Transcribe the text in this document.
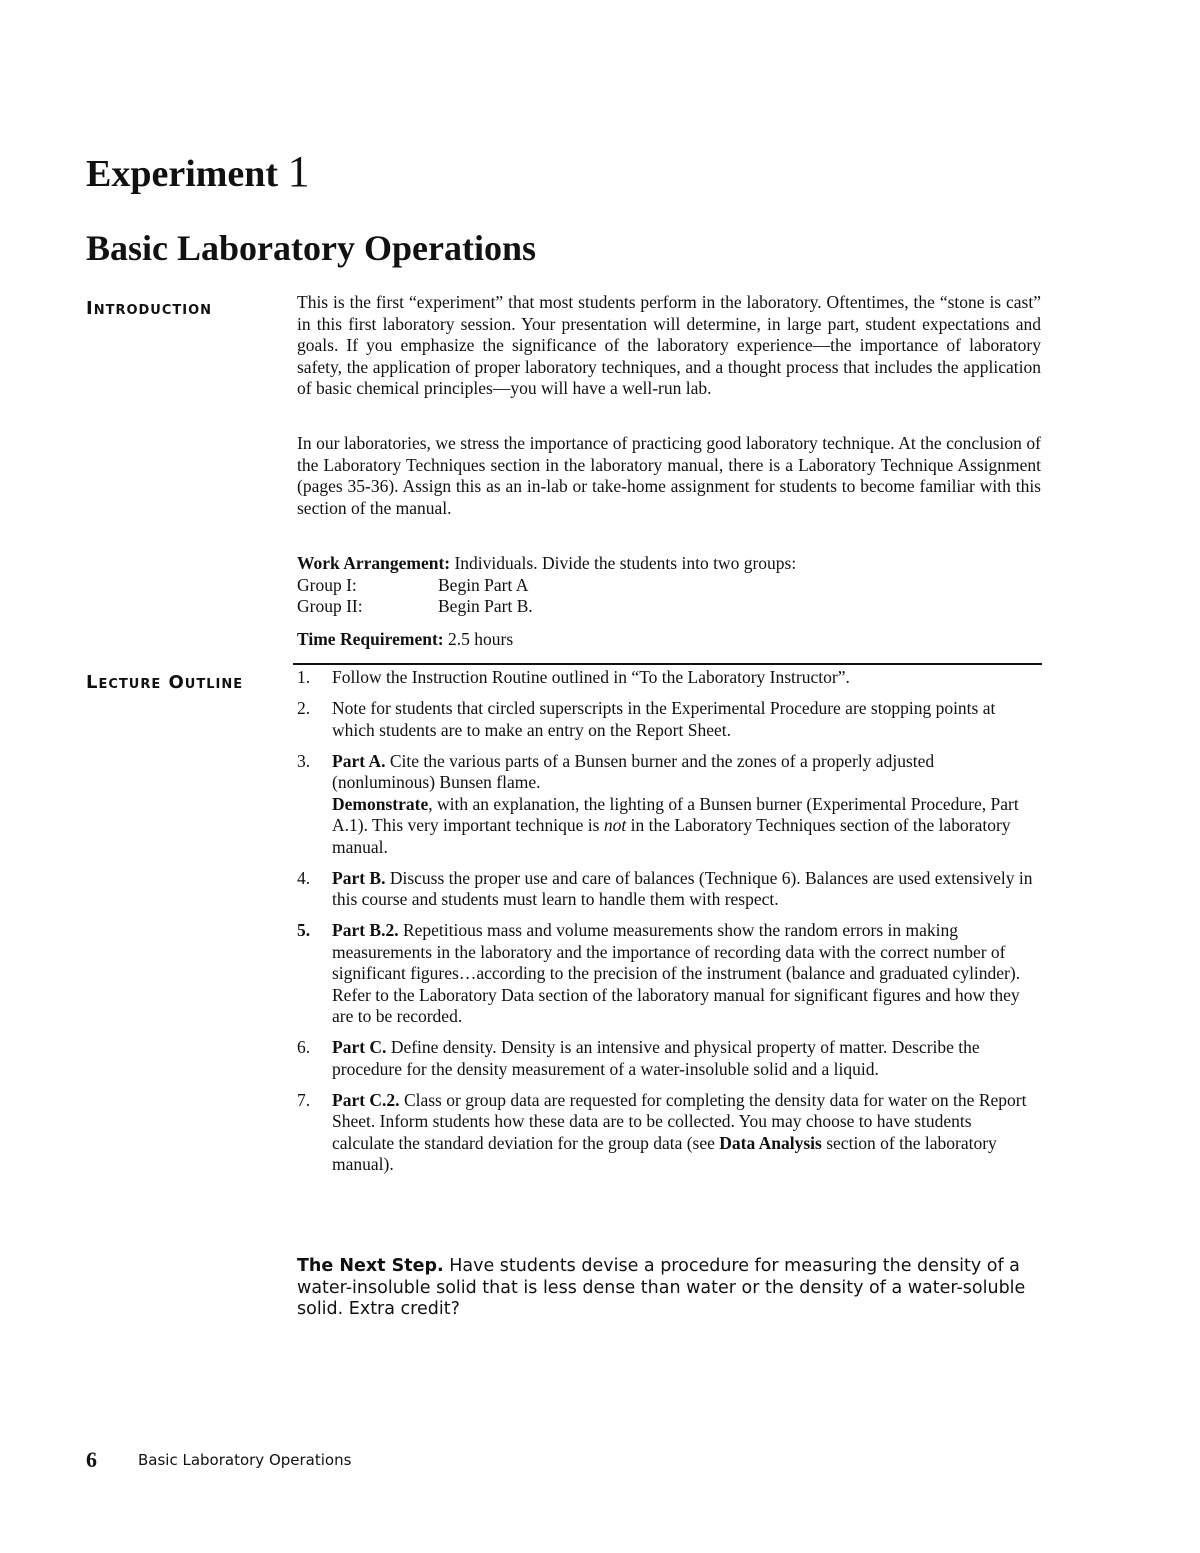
Experiment 1
Basic Laboratory Operations
Introduction
Lecture Outline

This is the first “experiment” that most students perform in the laboratory. Oftentimes, the “stone is cast” in this first laboratory session. Your presentation will determine, in large part, student expectations and goals. If you emphasize the significance of the laboratory experience—the importance of laboratory safety, the application of proper laboratory techniques, and a thought process that includes the application of basic chemical principles—you will have a well-run lab.

In our laboratories, we stress the importance of practicing good laboratory technique. At the conclusion of the Laboratory Techniques section in the laboratory manual, there is a Laboratory Technique Assignment (pages 35-36). Assign this as an in-lab or take-home assignment for students to become familiar with this section of the manual.

Work Arrangement: Individuals. Divide the students into two groups:
Group I:	Begin Part A
Group II:	Begin Part B.
Time Requirement: 2.5 hours
1.	Follow the Instruction Routine outlined in “To the Laboratory Instructor”.
2.	Note for students that circled superscripts in the Experimental Procedure are stopping points at which students are to make an entry on the Report Sheet.
3.	Part A. Cite the various parts of a Bunsen burner and the zones of a properly adjusted (nonluminous) Bunsen flame.
Demonstrate, with an explanation, the lighting of a Bunsen burner (Experimental Procedure, Part A.1). This very important technique is not in the Laboratory Techniques section of the laboratory manual.
4.	Part B. Discuss the proper use and care of balances (Technique 6). Balances are used extensively in this course and students must learn to handle them with respect.
5.	Part B.2. Repetitious mass and volume measurements show the random errors in making measurements in the laboratory and the importance of recording data with the correct number of significant figures…according to the precision of the instrument (balance and graduated cylinder). Refer to the Laboratory Data section of the laboratory manual for significant figures and how they are to be recorded.
6.	Part C. Define density. Density is an intensive and physical property of matter. Describe the procedure for the density measurement of a water-insoluble solid and a liquid.
7.	Part C.2. Class or group data are requested for completing the density data for water on the Report Sheet. Inform students how these data are to be collected. You may choose to have students calculate the standard deviation for the group data (see Data Analysis section of the laboratory manual).
The Next Step. Have students devise a procedure for measuring the density of a water-insoluble solid that is less dense than water or the density of a water-soluble solid. Extra credit?
6	Basic Laboratory Operations
